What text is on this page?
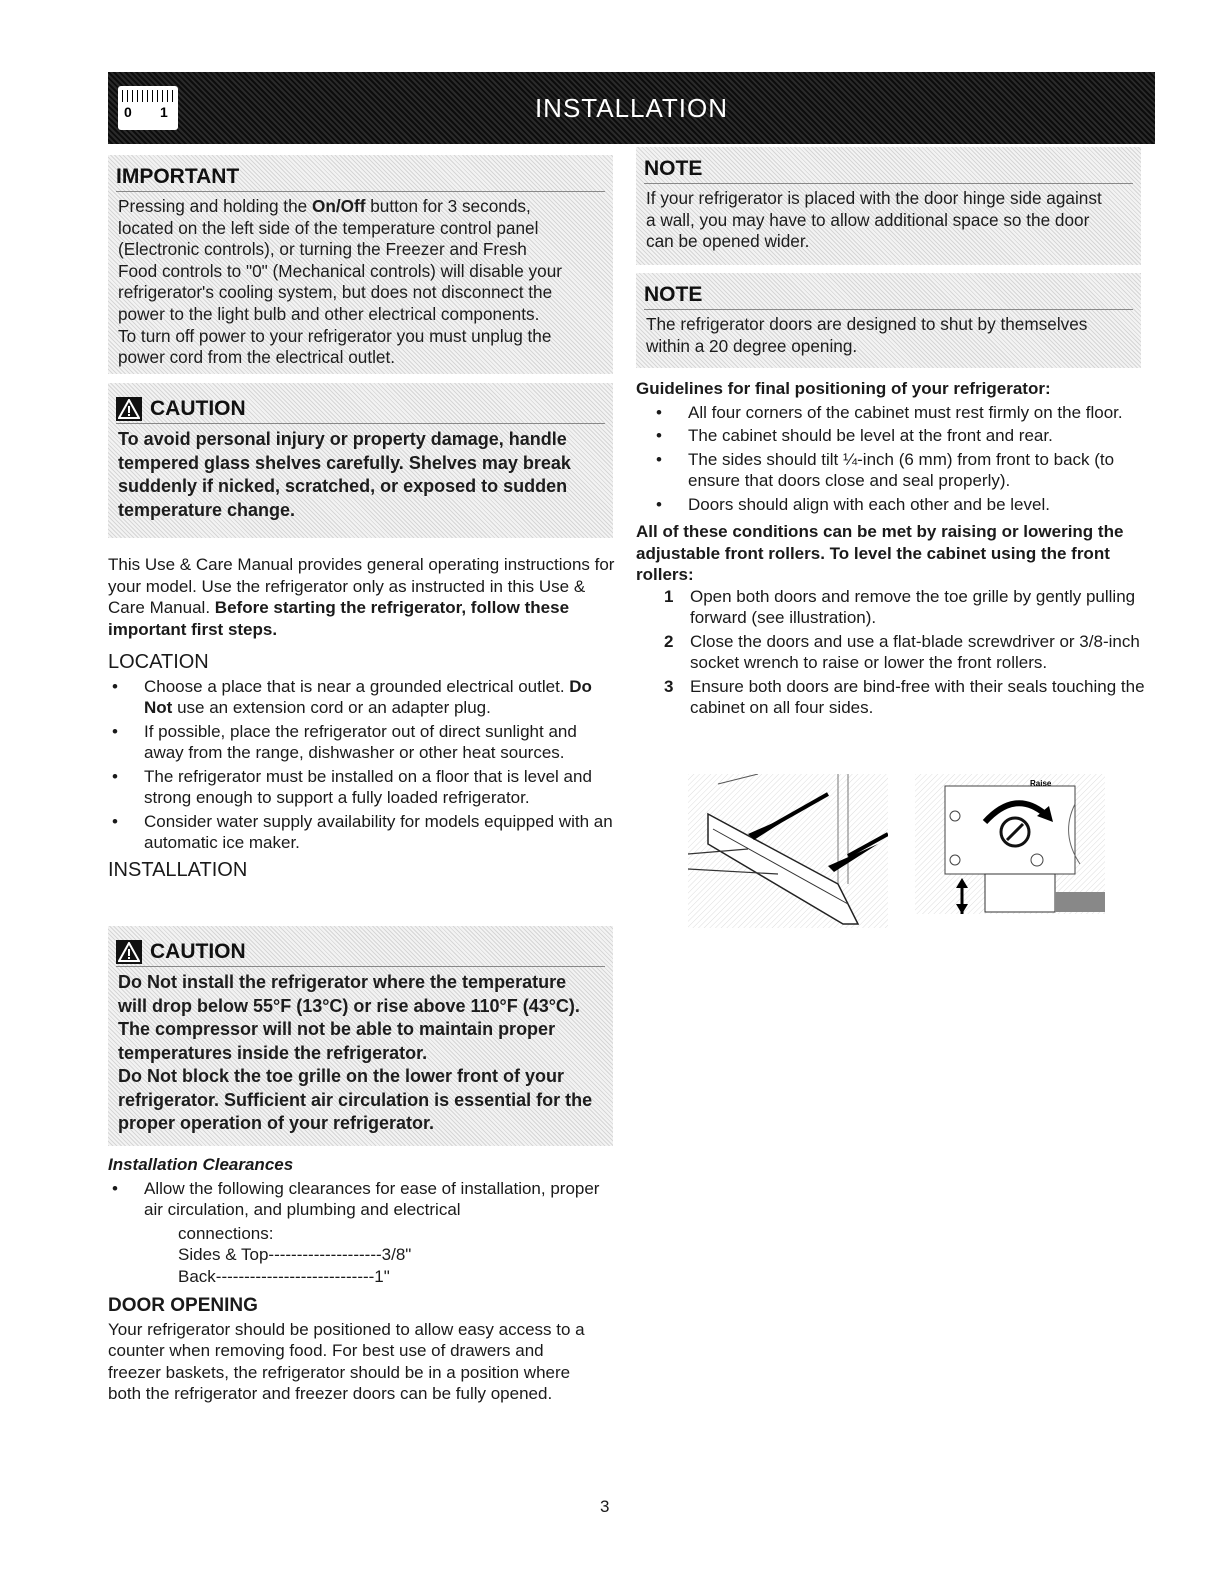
0 1	INSTALLATION
IMPORTANT
Pressing and holding the On/Off button for 3 seconds,
located on the left side of the temperature control panel
(Electronic controls), or turning the Freezer and Fresh
Food controls to "0" (Mechanical controls) will disable your
refrigerator's cooling system, but does not disconnect the
power to the light bulb and other electrical components.
To turn off power to your refrigerator you must unplug the
power cord from the electrical outlet.
CAUTION
To avoid personal injury or property damage, handle
tempered glass shelves carefully. Shelves may break
suddenly if nicked, scratched, or exposed to sudden
temperature change.
This Use & Care Manual provides general operating instructions for your model. Use the refrigerator only as instructed in this Use & Care Manual. Before starting the refrigerator, follow these important first steps.
LOCATION
• Choose a place that is near a grounded electrical outlet. Do Not use an extension cord or an adapter plug.
• If possible, place the refrigerator out of direct sunlight and away from the range, dishwasher or other heat sources.
• The refrigerator must be installed on a floor that is level and strong enough to support a fully loaded refrigerator.
• Consider water supply availability for models equipped with an automatic ice maker.
INSTALLATION
CAUTION
Do Not install the refrigerator where the temperature
will drop below 55°F (13°C) or rise above 110°F (43°C).
The compressor will not be able to maintain proper
temperatures inside the refrigerator.
Do Not block the toe grille on the lower front of your
refrigerator. Sufficient air circulation is essential for the
proper operation of your refrigerator.
Installation Clearances
• Allow the following clearances for ease of installation, proper air circulation, and plumbing and electrical
connections:
Sides & Top--------------------3/8"
Back----------------------------1"
DOOR OPENING
Your refrigerator should be positioned to allow easy access to a counter when removing food. For best use of drawers and freezer baskets, the refrigerator should be in a position where both the refrigerator and freezer doors can be fully opened.
NOTE
If your refrigerator is placed with the door hinge side against
a wall, you may have to allow additional space so the door
can be opened wider.
NOTE
The refrigerator doors are designed to shut by themselves
within a 20 degree opening.
Guidelines for final positioning of your refrigerator:
• All four corners of the cabinet must rest firmly on the floor.
• The cabinet should be level at the front and rear.
• The sides should tilt ¼-inch (6 mm) from front to back (to ensure that doors close and seal properly).
• Doors should align with each other and be level.
All of these conditions can be met by raising or lowering the adjustable front rollers. To level the cabinet using the front rollers:
1 Open both doors and remove the toe grille by gently pulling forward (see illustration).
2 Close the doors and use a flat-blade screwdriver or 3/8-inch socket wrench to raise or lower the front rollers.
3 Ensure both doors are bind-free with their seals touching the cabinet on all four sides.
Raise
3
